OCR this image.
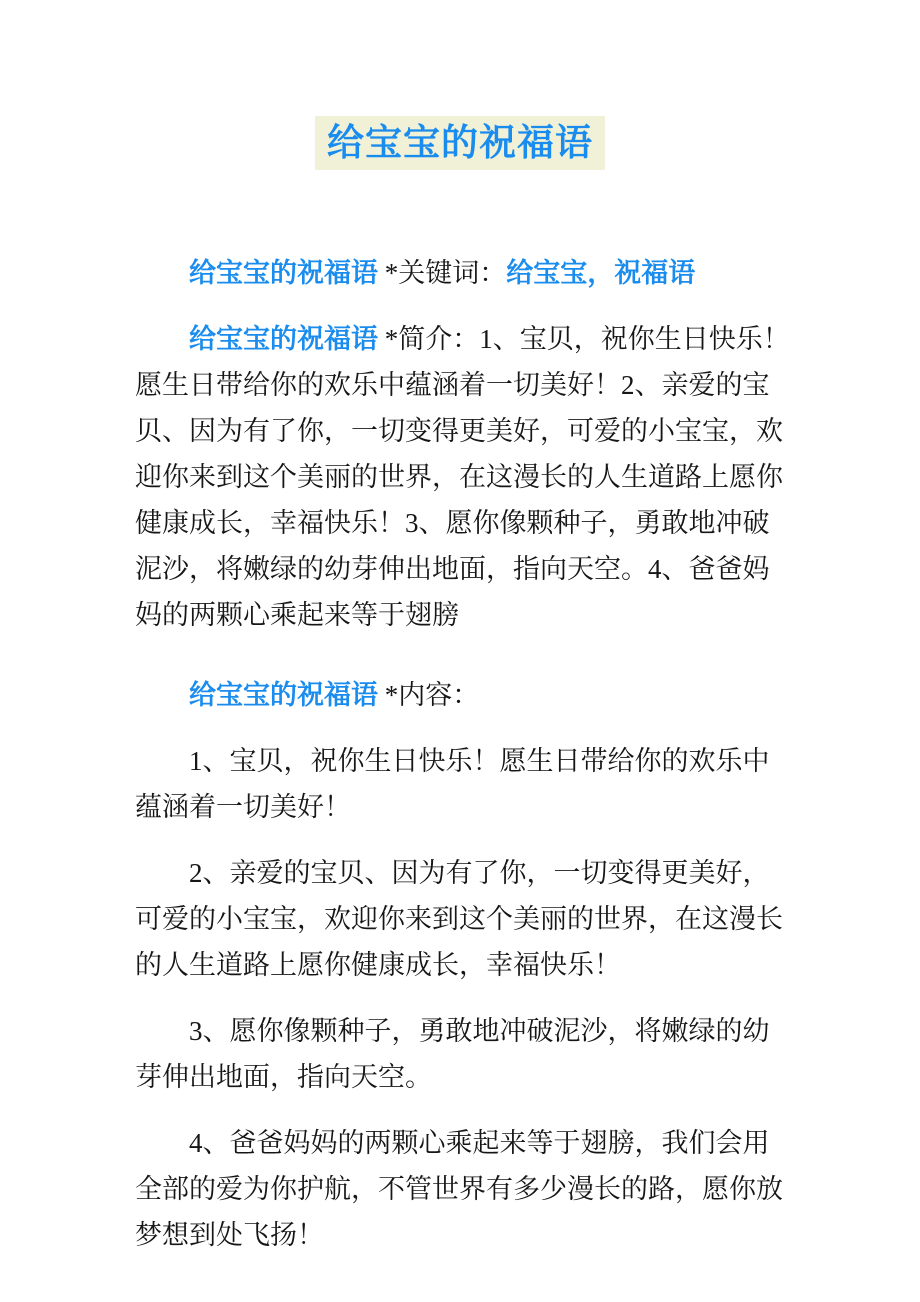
给宝宝的祝福语

给宝宝的祝福语 *关键词：给宝宝，祝福语

给宝宝的祝福语 *简介：1、宝贝，祝你生日快乐！愿生日带给你的欢乐中蕴涵着一切美好！2、亲爱的宝贝、因为有了你，一切变得更美好，可爱的小宝宝，欢迎你来到这个美丽的世界，在这漫长的人生道路上愿你健康成长，幸福快乐！3、愿你像颗种子，勇敢地冲破泥沙，将嫩绿的幼芽伸出地面，指向天空。4、爸爸妈妈的两颗心乘起来等于翅膀

给宝宝的祝福语 *内容：

1、宝贝，祝你生日快乐！愿生日带给你的欢乐中蕴涵着一切美好！

2、亲爱的宝贝、因为有了你，一切变得更美好，可爱的小宝宝，欢迎你来到这个美丽的世界，在这漫长的人生道路上愿你健康成长，幸福快乐！

3、愿你像颗种子，勇敢地冲破泥沙，将嫩绿的幼芽伸出地面，指向天空。

4、爸爸妈妈的两颗心乘起来等于翅膀，我们会用全部的爱为你护航，不管世界有多少漫长的路，愿你放梦想到处飞扬！
